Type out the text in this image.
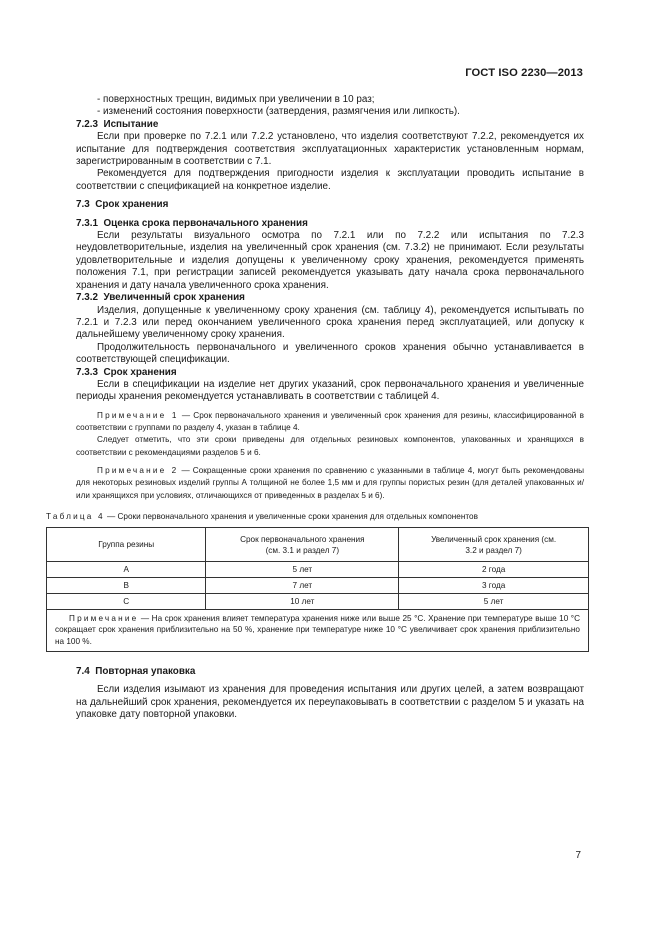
ГОСТ ISO 2230—2013

- поверхностных трещин, видимых при увеличении в 10 раз;

- изменений состояния поверхности (затвердения, размягчения или липкость).

7.2.3 Испытание

Если при проверке по 7.2.1 или 7.2.2 установлено, что изделия соответствуют 7.2.2, рекомендуется их испытание для подтверждения соответствия эксплуатационных характеристик установленным нормам, зарегистрированным в соответствии с 7.1.

Рекомендуется для подтверждения пригодности изделия к эксплуатации проводить испытание в соответствии с спецификацией на конкретное изделие.

7.3 Срок хранения

7.3.1 Оценка срока первоначального хранения

Если результаты визуального осмотра по 7.2.1 или по 7.2.2 или испытания по 7.2.3 неудовлетворительные, изделия на увеличенный срок хранения (см. 7.3.2) не принимают. Если результаты удовлетворительные и изделия допущены к увеличенному сроку хранения, рекомендуется применять положения 7.1, при регистрации записей рекомендуется указывать дату начала срока первоначального хранения и дату начала увеличенного срока хранения.

7.3.2 Увеличенный срок хранения

Изделия, допущенные к увеличенному сроку хранения (см. таблицу 4), рекомендуется испытывать по 7.2.1 и 7.2.3 или перед окончанием увеличенного срока хранения перед эксплуатацией, или допуску к дальнейшему увеличенному сроку хранения.

Продолжительность первоначального и увеличенного сроков хранения обычно устанавливается в соответствующей спецификации.

7.3.3 Срок хранения

Если в спецификации на изделие нет других указаний, срок первоначального хранения и увеличенные периоды хранения рекомендуется устанавливать в соответствии с таблицей 4.

Примечание 1 — Срок первоначального хранения и увеличенный срок хранения для резины, классифицированной в соответствии с группами по разделу 4, указан в таблице 4.

Следует отметить, что эти сроки приведены для отдельных резиновых компонентов, упакованных и хранящихся в соответствии с рекомендациями разделов 5 и 6.

Примечание 2 — Сокращенные сроки хранения по сравнению с указанными в таблице 4, могут быть рекомендованы для некоторых резиновых изделий группы А толщиной не более 1,5 мм и для группы пористых резин (для деталей упакованных и/или хранящихся при условиях, отличающихся от приведенных в разделах 5 и 6).

Таблица 4 — Сроки первоначального хранения и увеличенные сроки хранения для отдельных компонентов
Группа резины	Срок первоначального хранения (см. 3.1 и раздел 7)	Увеличенный срок хранения (см. 3.2 и раздел 7)

А	5 лет	2 года
В	7 лет	3 года
С	10 лет	5 лет
Примечание — На срок хранения влияет температура хранения ниже или выше 25 °С. Хранение при температуре выше 10 °С сокращает срок хранения приблизительно на 50 %, хранение при температуре ниже 10 °С увеличивает срок хранения приблизительно на 100 %.		

7.4 Повторная упаковка

Если изделия изымают из хранения для проведения испытания или других целей, а затем возвращают на дальнейший срок хранения, рекомендуется их переупаковывать в соответствии с разделом 5 и указать на упаковке дату повторной упаковки.

7
